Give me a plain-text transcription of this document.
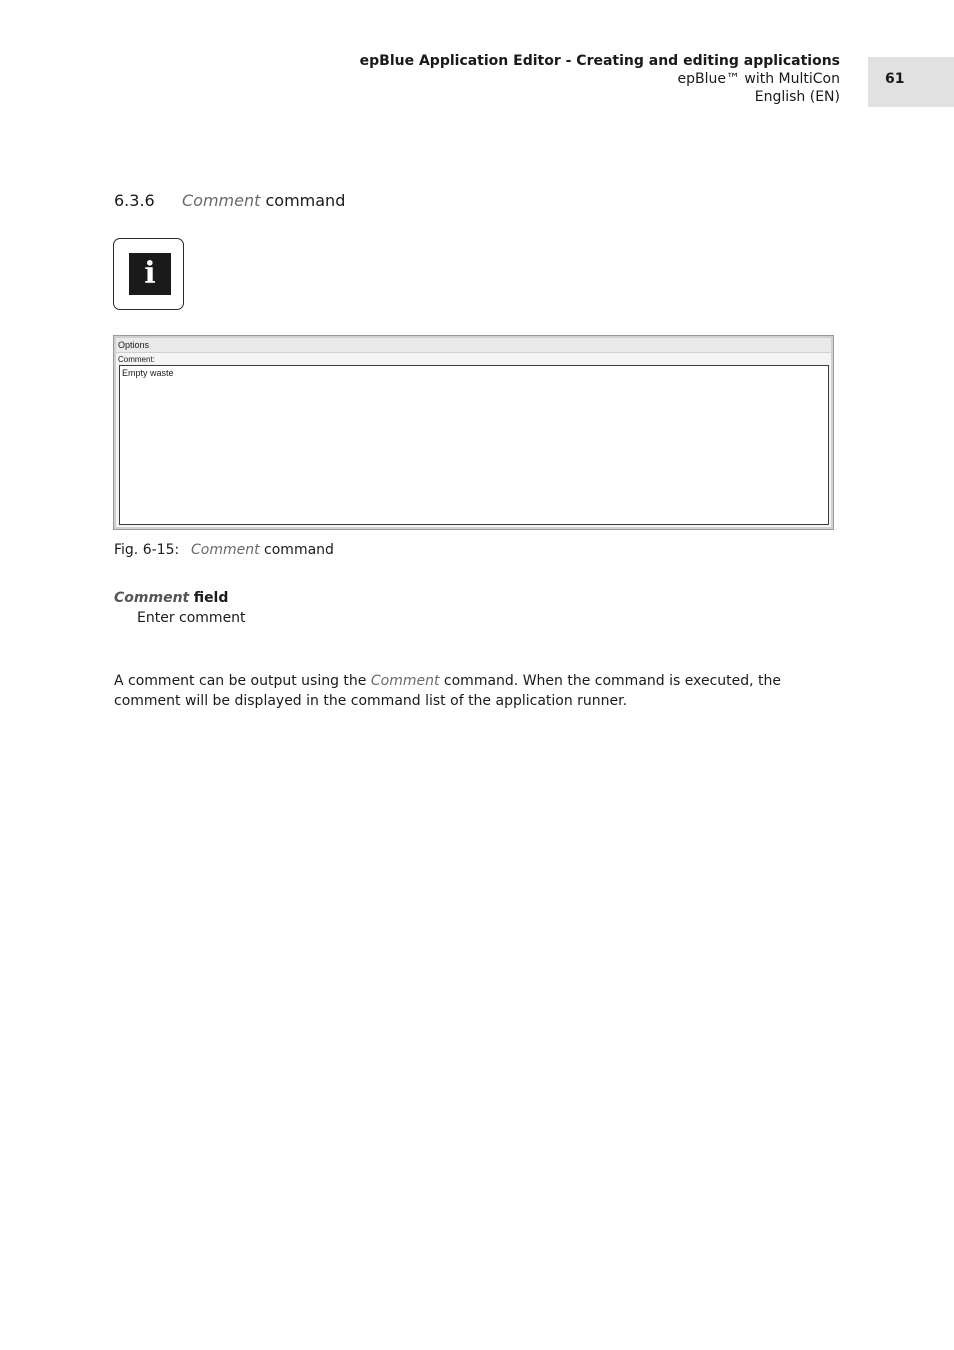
epBlue Application Editor - Creating and editing applications
epBlue™ with MultiCon
English (EN)
61
6.3.6 Comment command
i
Options
Comment:
Empty waste
Fig. 6-15: Comment command
Comment field
Enter comment
A comment can be output using the Comment command. When the command is executed, the comment will be displayed in the command list of the application runner.
